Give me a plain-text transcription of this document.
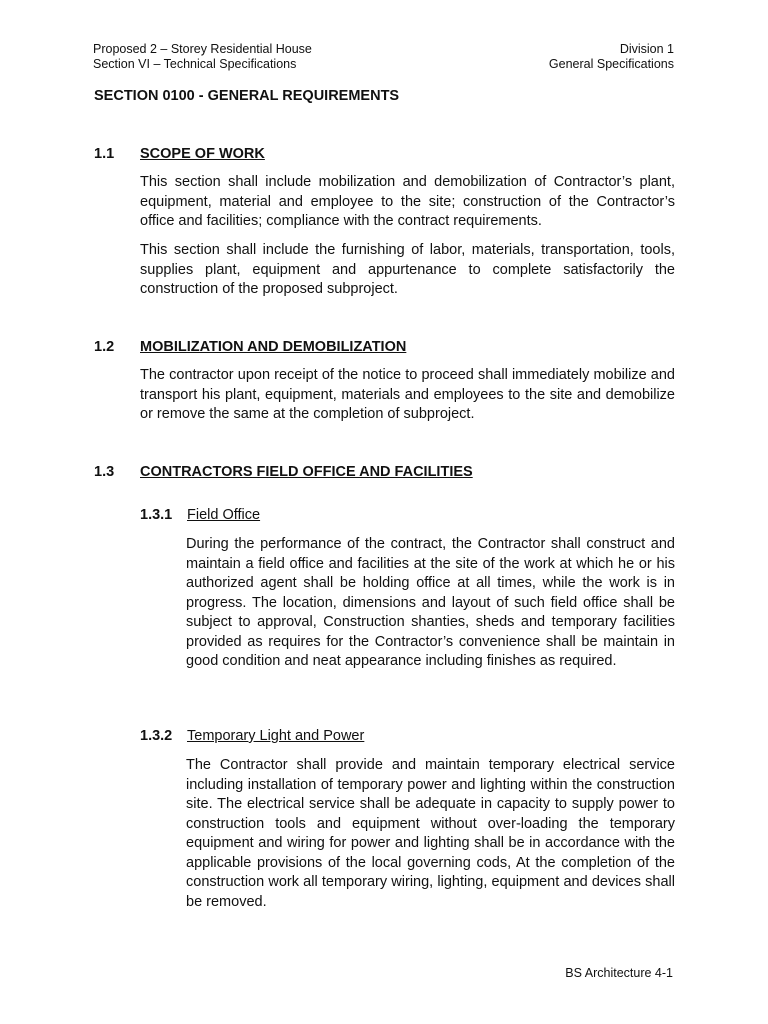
Proposed 2 – Storey Residential House
Section VI – Technical Specifications
Division 1
General Specifications
SECTION 0100 - GENERAL REQUIREMENTS
1.1 SCOPE OF WORK

This section shall include mobilization and demobilization of Contractor’s plant, equipment, material and employee to the site; construction of the Contractor’s office and facilities; compliance with the contract requirements.

This section shall include the furnishing of labor, materials, transportation, tools, supplies plant, equipment and appurtenance to complete satisfactorily the construction of the proposed subproject.

1.2 MOBILIZATION AND DEMOBILIZATION

The contractor upon receipt of the notice to proceed shall immediately mobilize and transport his plant, equipment, materials and employees to the site and demobilize or remove the same at the completion of subproject.

1.3 CONTRACTORS FIELD OFFICE AND FACILITIES
1.3.1 Field Office

During the performance of the contract, the Contractor shall construct and maintain a field office and facilities at the site of the work at which he or his authorized agent shall be holding office at all times, while the work is in progress. The location, dimensions and layout of such field office shall be subject to approval, Construction shanties, sheds and temporary facilities provided as requires for the Contractor’s convenience shall be maintain in good condition and neat appearance including finishes as required.

1.3.2 Temporary Light and Power

The Contractor shall provide and maintain temporary electrical service including installation of temporary power and lighting within the construction site. The electrical service shall be adequate in capacity to supply power to construction tools and equipment without over-loading the temporary equipment and wiring for power and lighting shall be in accordance with the applicable provisions of the local governing cods, At the completion of the construction work all temporary wiring, lighting, equipment and devices shall be removed.

BS Architecture 4-1
